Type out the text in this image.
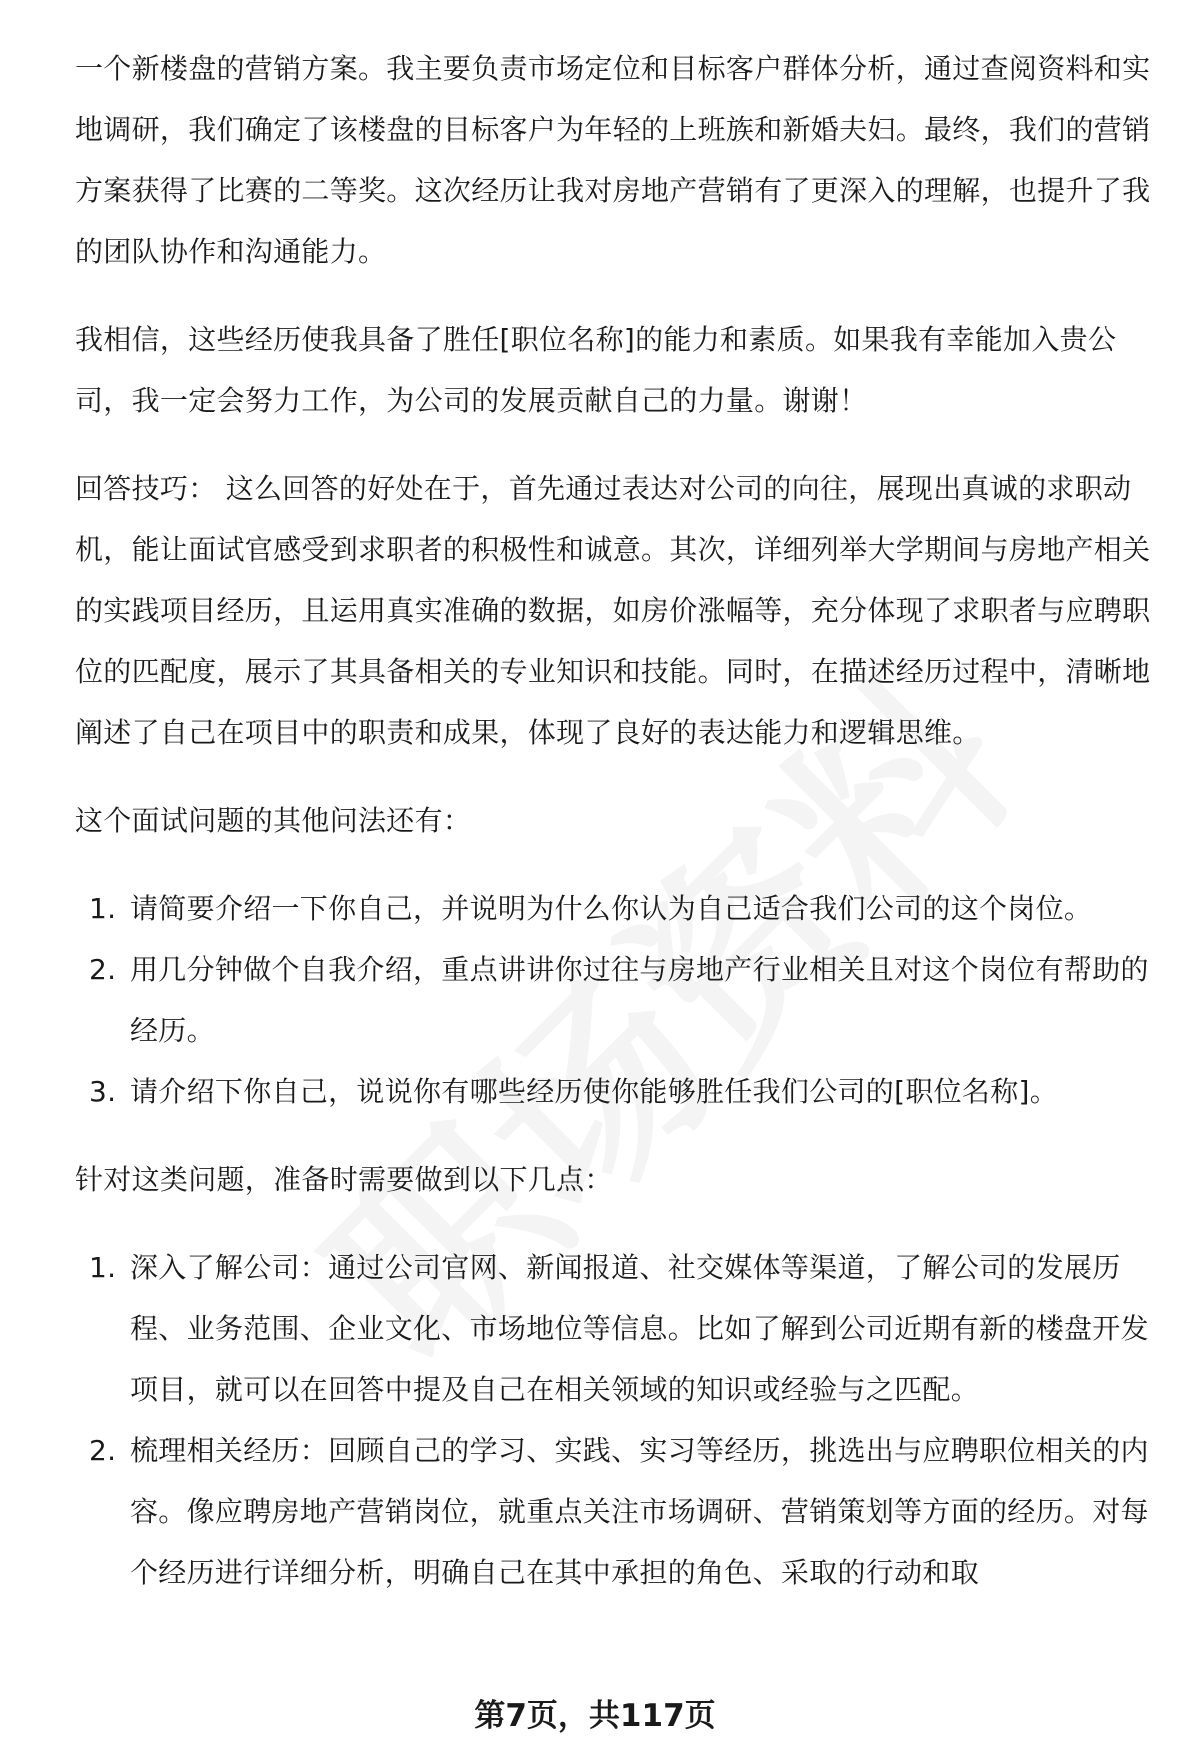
一个新楼盘的营销方案。我主要负责市场定位和目标客户群体分析，通过查阅资料和实地调研，我们确定了该楼盘的目标客户为年轻的上班族和新婚夫妇。最终，我们的营销方案获得了比赛的二等奖。这次经历让我对房地产营销有了更深入的理解，也提升了我的团队协作和沟通能力。

我相信，这些经历使我具备了胜任[职位名称]的能力和素质。如果我有幸能加入贵公司，我一定会努力工作，为公司的发展贡献自己的力量。谢谢！

回答技巧： 这么回答的好处在于，首先通过表达对公司的向往，展现出真诚的求职动机，能让面试官感受到求职者的积极性和诚意。其次，详细列举大学期间与房地产相关的实践项目经历，且运用真实准确的数据，如房价涨幅等，充分体现了求职者与应聘职位的匹配度，展示了其具备相关的专业知识和技能。同时，在描述经历过程中，清晰地阐述了自己在项目中的职责和成果，体现了良好的表达能力和逻辑思维。

这个面试问题的其他问法还有：

1. 请简要介绍一下你自己，并说明为什么你认为自己适合我们公司的这个岗位。
2. 用几分钟做个自我介绍，重点讲讲你过往与房地产行业相关且对这个岗位有帮助的经历。
3. 请介绍下你自己，说说你有哪些经历使你能够胜任我们公司的[职位名称]。

针对这类问题，准备时需要做到以下几点：

1. 深入了解公司：通过公司官网、新闻报道、社交媒体等渠道，了解公司的发展历程、业务范围、企业文化、市场地位等信息。比如了解到公司近期有新的楼盘开发项目，就可以在回答中提及自己在相关领域的知识或经验与之匹配。
2. 梳理相关经历：回顾自己的学习、实践、实习等经历，挑选出与应聘职位相关的内容。像应聘房地产营销岗位，就重点关注市场调研、营销策划等方面的经历。对每个经历进行详细分析，明确自己在其中承担的角色、采取的行动和取
第7页，共117页
